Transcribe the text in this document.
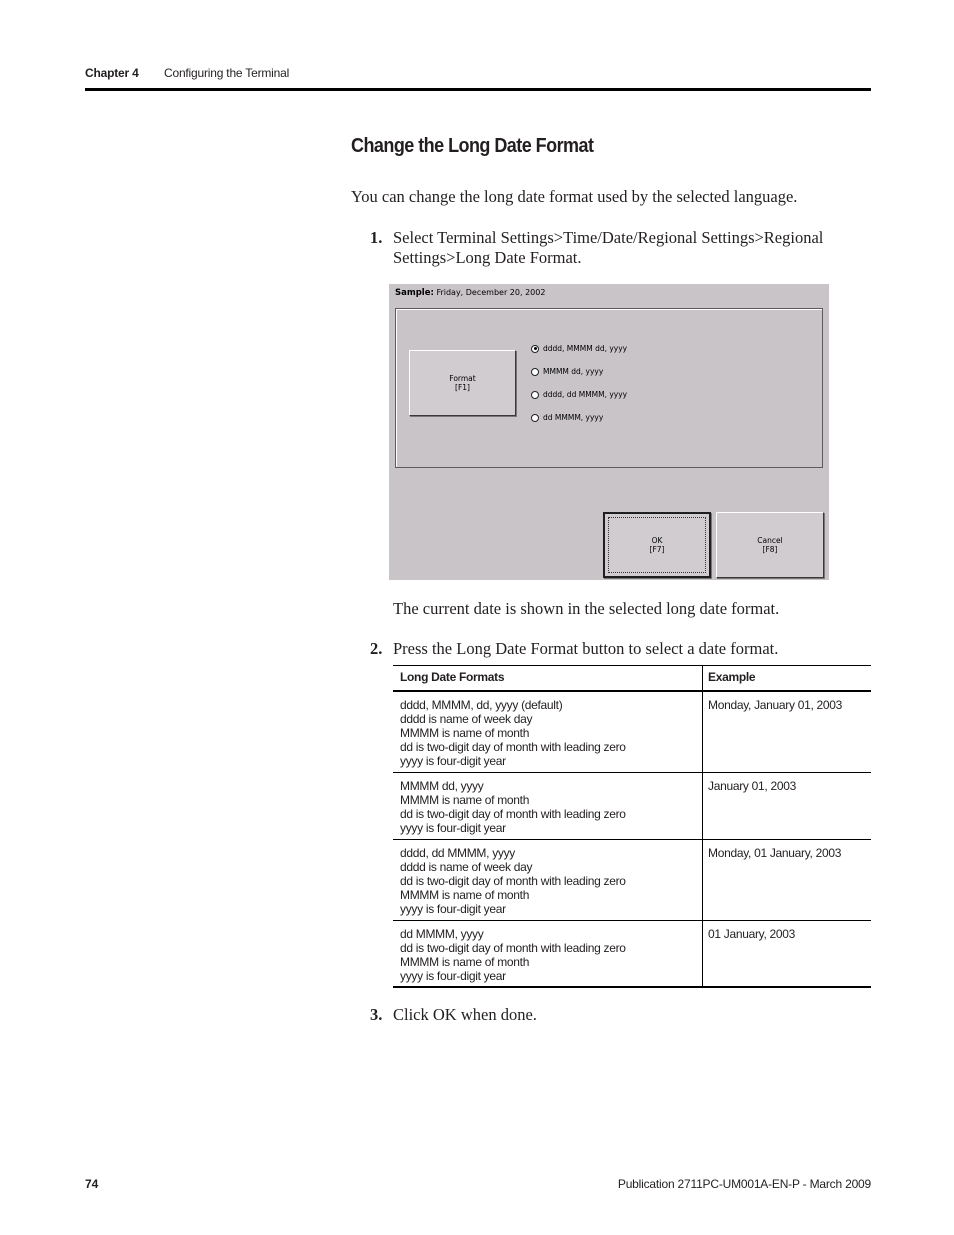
Chapter 4 Configuring the Terminal
Change the Long Date Format
You can change the long date format used by the selected language.
1. Select Terminal Settings>Time/Date/Regional Settings>Regional Settings>Long Date Format.
Sample: Friday, December 20, 2002
Format
[F1]
dddd, MMMM dd, yyyy
MMMM dd, yyyy
dddd, dd MMMM, yyyy
dd MMMM, yyyy
OK
[F7]
Cancel
[F8]
The current date is shown in the selected long date format.
2. Press the Long Date Format button to select a date format.
Long Date Formats	Example
dddd, MMMM, dd, yyyy (default)
dddd is name of week day
MMMM is name of month
dd is two-digit day of month with leading zero
yyyy is four-digit year
Monday, January 01, 2003
MMMM dd, yyyy
MMMM is name of month
dd is two-digit day of month with leading zero
yyyy is four-digit year
January 01, 2003
dddd, dd MMMM, yyyy
dddd is name of week day
dd is two-digit day of month with leading zero
MMMM is name of month
yyyy is four-digit year
Monday, 01 January, 2003
dd MMMM, yyyy
dd is two-digit day of month with leading zero
MMMM is name of month
yyyy is four-digit year
01 January, 2003
3. Click OK when done.
74	Publication 2711PC-UM001A-EN-P - March 2009
